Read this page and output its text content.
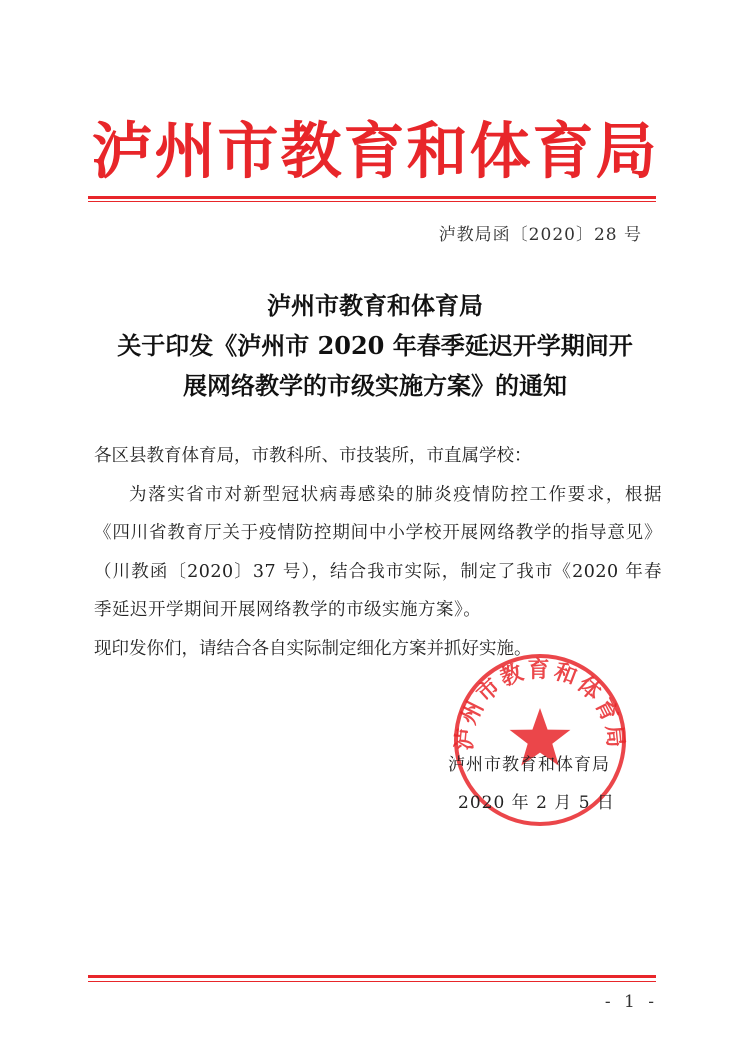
泸州市教育和体育局
泸教局函〔2020〕28 号
泸州市教育和体育局
关于印发《泸州市 2020 年春季延迟开学期间开
展网络教学的市级实施方案》的通知

各区县教育体育局，市教科所、市技装所，市直属学校：

为落实省市对新型冠状病毒感染的肺炎疫情防控工作要求，根据《四川省教育厅关于疫情防控期间中小学校开展网络教学的指导意见》（川教函〔2020〕37 号），结合我市实际，制定了我市《2020 年春季延迟开学期间开展网络教学的市级实施方案》。

现印发你们，请结合各自实际制定细化方案并抓好实施。

泸州市教育和体育局
泸州市教育和体育局
2020 年 2 月 5 日
- 1 -
